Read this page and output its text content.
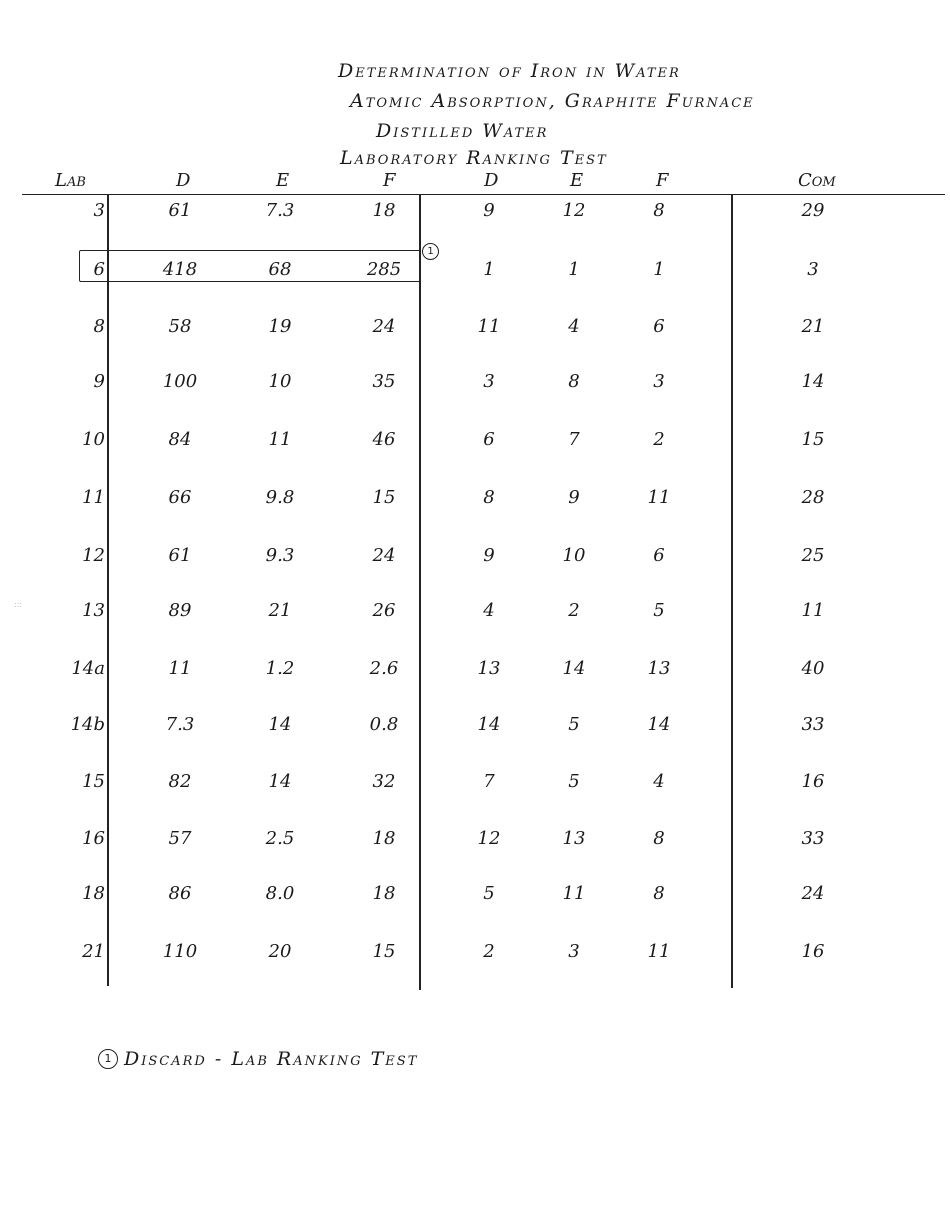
Determination of Iron in Water
Atomic Absorption, Graphite Furnace
Distilled Water
Laboratory Ranking Test
Lab	D	E	F	D	E	F	Com
1
3	61	7.3	18	9	12	8	29
6	418	68	285	1	1	1	3
8	58	19	24	11	4	6	21
9	100	10	35	3	8	3	14
10	84	11	46	6	7	2	15
11	66	9.8	15	8	9	11	28
12	61	9.3	24	9	10	6	25
13	89	21	26	4	2	5	11
14a	11	1.2	2.6	13	14	13	40
14b	7.3	14	0.8	14	5	14	33
15	82	14	32	7	5	4	16
16	57	2.5	18	12	13	8	33
18	86	8.0	18	5	11	8	24
21	110	20	15	2	3	11	16
1 Discard - Lab Ranking Test
:::
